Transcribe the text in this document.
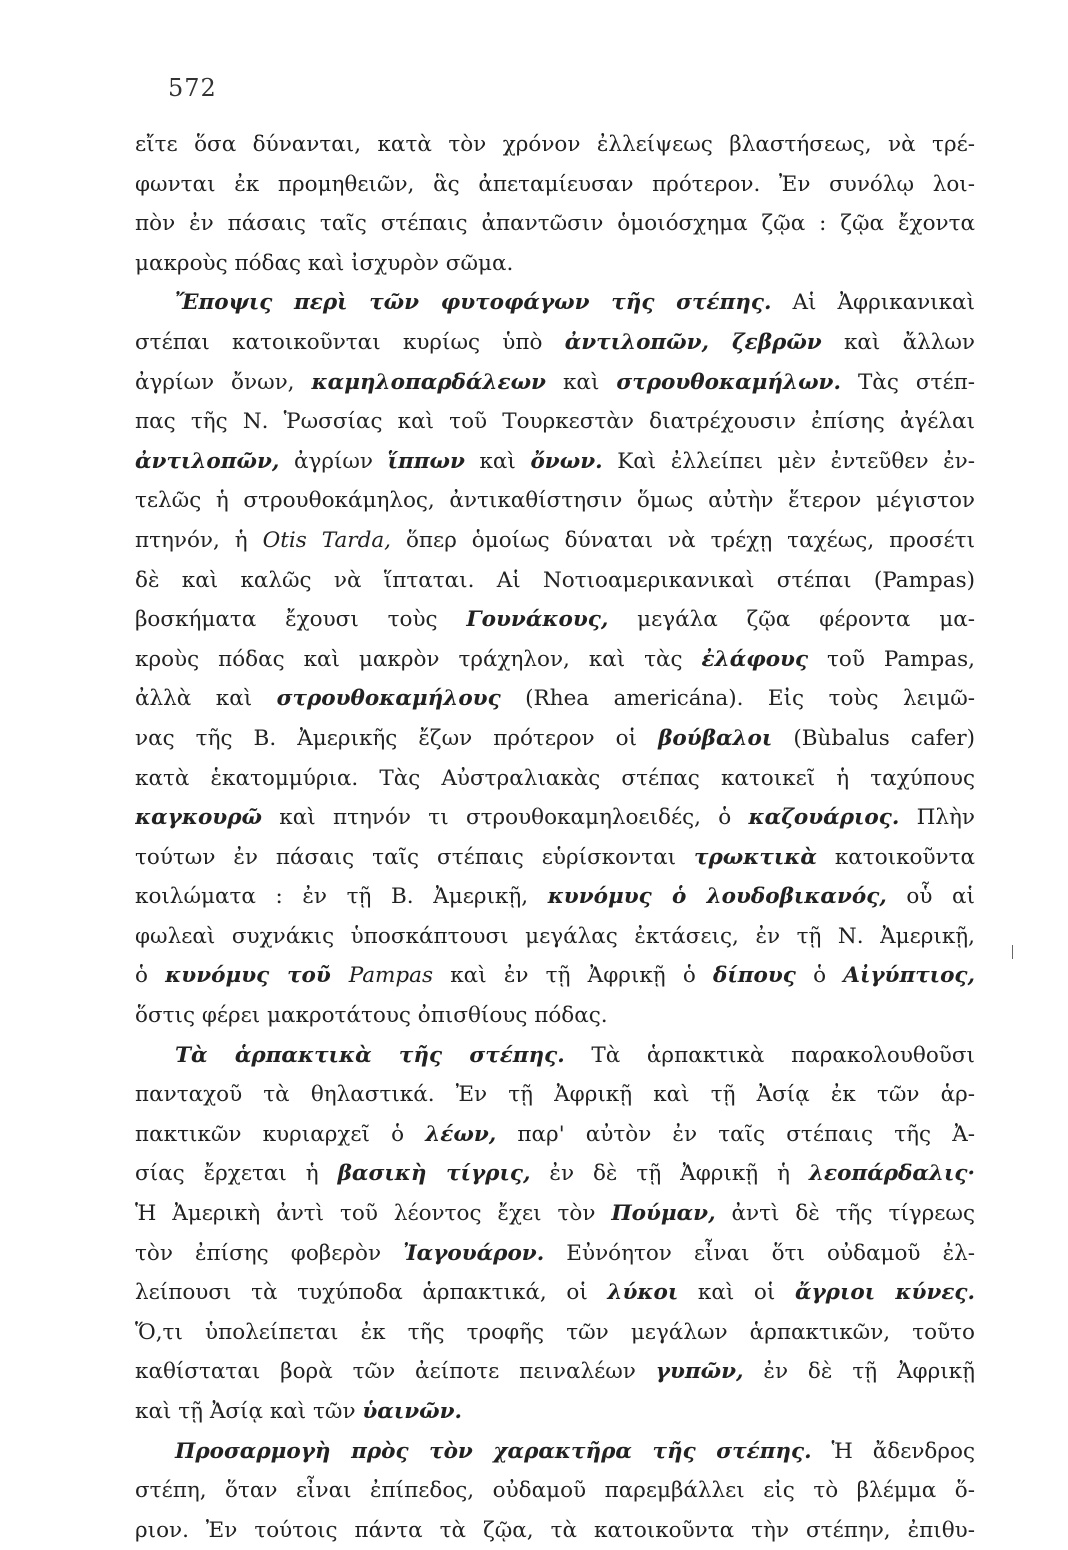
572
εἴτε ὅσα δύνανται, κατὰ τὸν χρόνον ἐλλείψεως βλαστήσεως, νὰ τρέ-
φωνται ἐκ προμηθειῶν, ἃς ἀπεταμίευσαν πρότερον. Ἐν συνόλῳ λοι-
πὸν ἐν πάσαις ταῖς στέπαις ἀπαντῶσιν ὁμοιόσχημα ζῷα : ζῷα ἔχοντα
μακροὺς πόδας καὶ ἰσχυρὸν σῶμα.
Ἔποψις περὶ τῶν φυτοφάγων τῆς στέπης. Αἱ Ἀφρικανικαὶ
στέπαι κατοικοῦνται κυρίως ὑπὸ ἀντιλοπῶν, ζεβρῶν καὶ ἄλλων
ἀγρίων ὄνων, καμηλοπαρδάλεων καὶ στρουθοκαμήλων. Τὰς στέπ-
πας τῆς Ν. Ῥωσσίας καὶ τοῦ Τουρκεστὰν διατρέχουσιν ἐπίσης ἀγέλαι
ἀντιλοπῶν, ἀγρίων ἵππων καὶ ὄνων. Καὶ ἐλλείπει μὲν ἐντεῦθεν ἐν-
τελῶς ἡ στρουθοκάμηλος, ἀντικαθίστησιν ὅμως αὐτὴν ἕτερον μέγιστον
πτηνόν, ἡ Otis Tarda, ὅπερ ὁμοίως δύναται νὰ τρέχῃ ταχέως, προσέτι
δὲ καὶ καλῶς νὰ ἵπταται. Αἱ Νοτιοαμερικανικαὶ στέπαι (Pampas)
βοσκήματα ἔχουσι τοὺς Γουνάκους, μεγάλα ζῷα φέροντα μα-
κροὺς πόδας καὶ μακρὸν τράχηλον, καὶ τὰς ἐλάφους τοῦ Pampas,
ἀλλὰ καὶ στρουθοκαμήλους (Rhea americána). Εἰς τοὺς λειμῶ-
νας τῆς Β. Ἀμερικῆς ἔζων πρότερον οἱ βούβαλοι (Bùbalus cafer)
κατὰ ἑκατομμύρια. Τὰς Αὐστραλιακὰς στέπας κατοικεῖ ἡ ταχύπους
καγκουρῶ καὶ πτηνόν τι στρουθοκαμηλοειδές, ὁ καζουάριος. Πλὴν
τούτων ἐν πάσαις ταῖς στέπαις εὑρίσκονται τρωκτικὰ κατοικοῦντα
κοιλώματα : ἐν τῇ Β. Ἀμερικῇ, κυνόμυς ὁ λουδοβικανός, οὗ αἱ
φωλεαὶ συχνάκις ὑποσκάπτουσι μεγάλας ἐκτάσεις, ἐν τῇ Ν. Ἀμερικῇ,
ὁ κυνόμυς τοῦ Pampas καὶ ἐν τῇ Ἀφρικῇ ὁ δίπους ὁ Αἰγύπτιος,
ὅστις φέρει μακροτάτους ὀπισθίους πόδας.
Τὰ ἁρπακτικὰ τῆς στέπης. Τὰ ἁρπακτικὰ παρακολουθοῦσι
πανταχοῦ τὰ θηλαστικά. Ἐν τῇ Ἀφρικῇ καὶ τῇ Ἀσίᾳ ἐκ τῶν ἁρ-
πακτικῶν κυριαρχεῖ ὁ λέων, παρ' αὐτὸν ἐν ταῖς στέπαις τῆς Ἀ-
σίας ἔρχεται ἡ βασικὴ τίγρις, ἐν δὲ τῇ Ἀφρικῇ ἡ λεοπάρδαλις·
Ἡ Ἀμερικὴ ἀντὶ τοῦ λέοντος ἔχει τὸν Πούμαν, ἀντὶ δὲ τῆς τίγρεως
τὸν ἐπίσης φοβερὸν Ἰαγουάρον. Εὐνόητον εἶναι ὅτι οὐδαμοῦ ἐλ-
λείπουσι τὰ τυχύποδα ἁρπακτικά, οἱ λύκοι καὶ οἱ ἄγριοι κύνες.
Ὅ,τι ὑπολείπεται ἐκ τῆς τροφῆς τῶν μεγάλων ἁρπακτικῶν, τοῦτο
καθίσταται βορὰ τῶν ἀείποτε πειναλέων γυπῶν, ἐν δὲ τῇ Ἀφρικῇ
καὶ τῇ Ἀσίᾳ καὶ τῶν ὑαινῶν.
Προσαρμογὴ πρὸς τὸν χαρακτῆρα τῆς στέπης. Ἡ ἄδενδρος
στέπη, ὅταν εἶναι ἐπίπεδος, οὐδαμοῦ παρεμβάλλει εἰς τὸ βλέμμα ὅ-
ριον. Ἐν τούτοις πάντα τὰ ζῷα, τὰ κατοικοῦντα τὴν στέπην, ἐπιθυ-
